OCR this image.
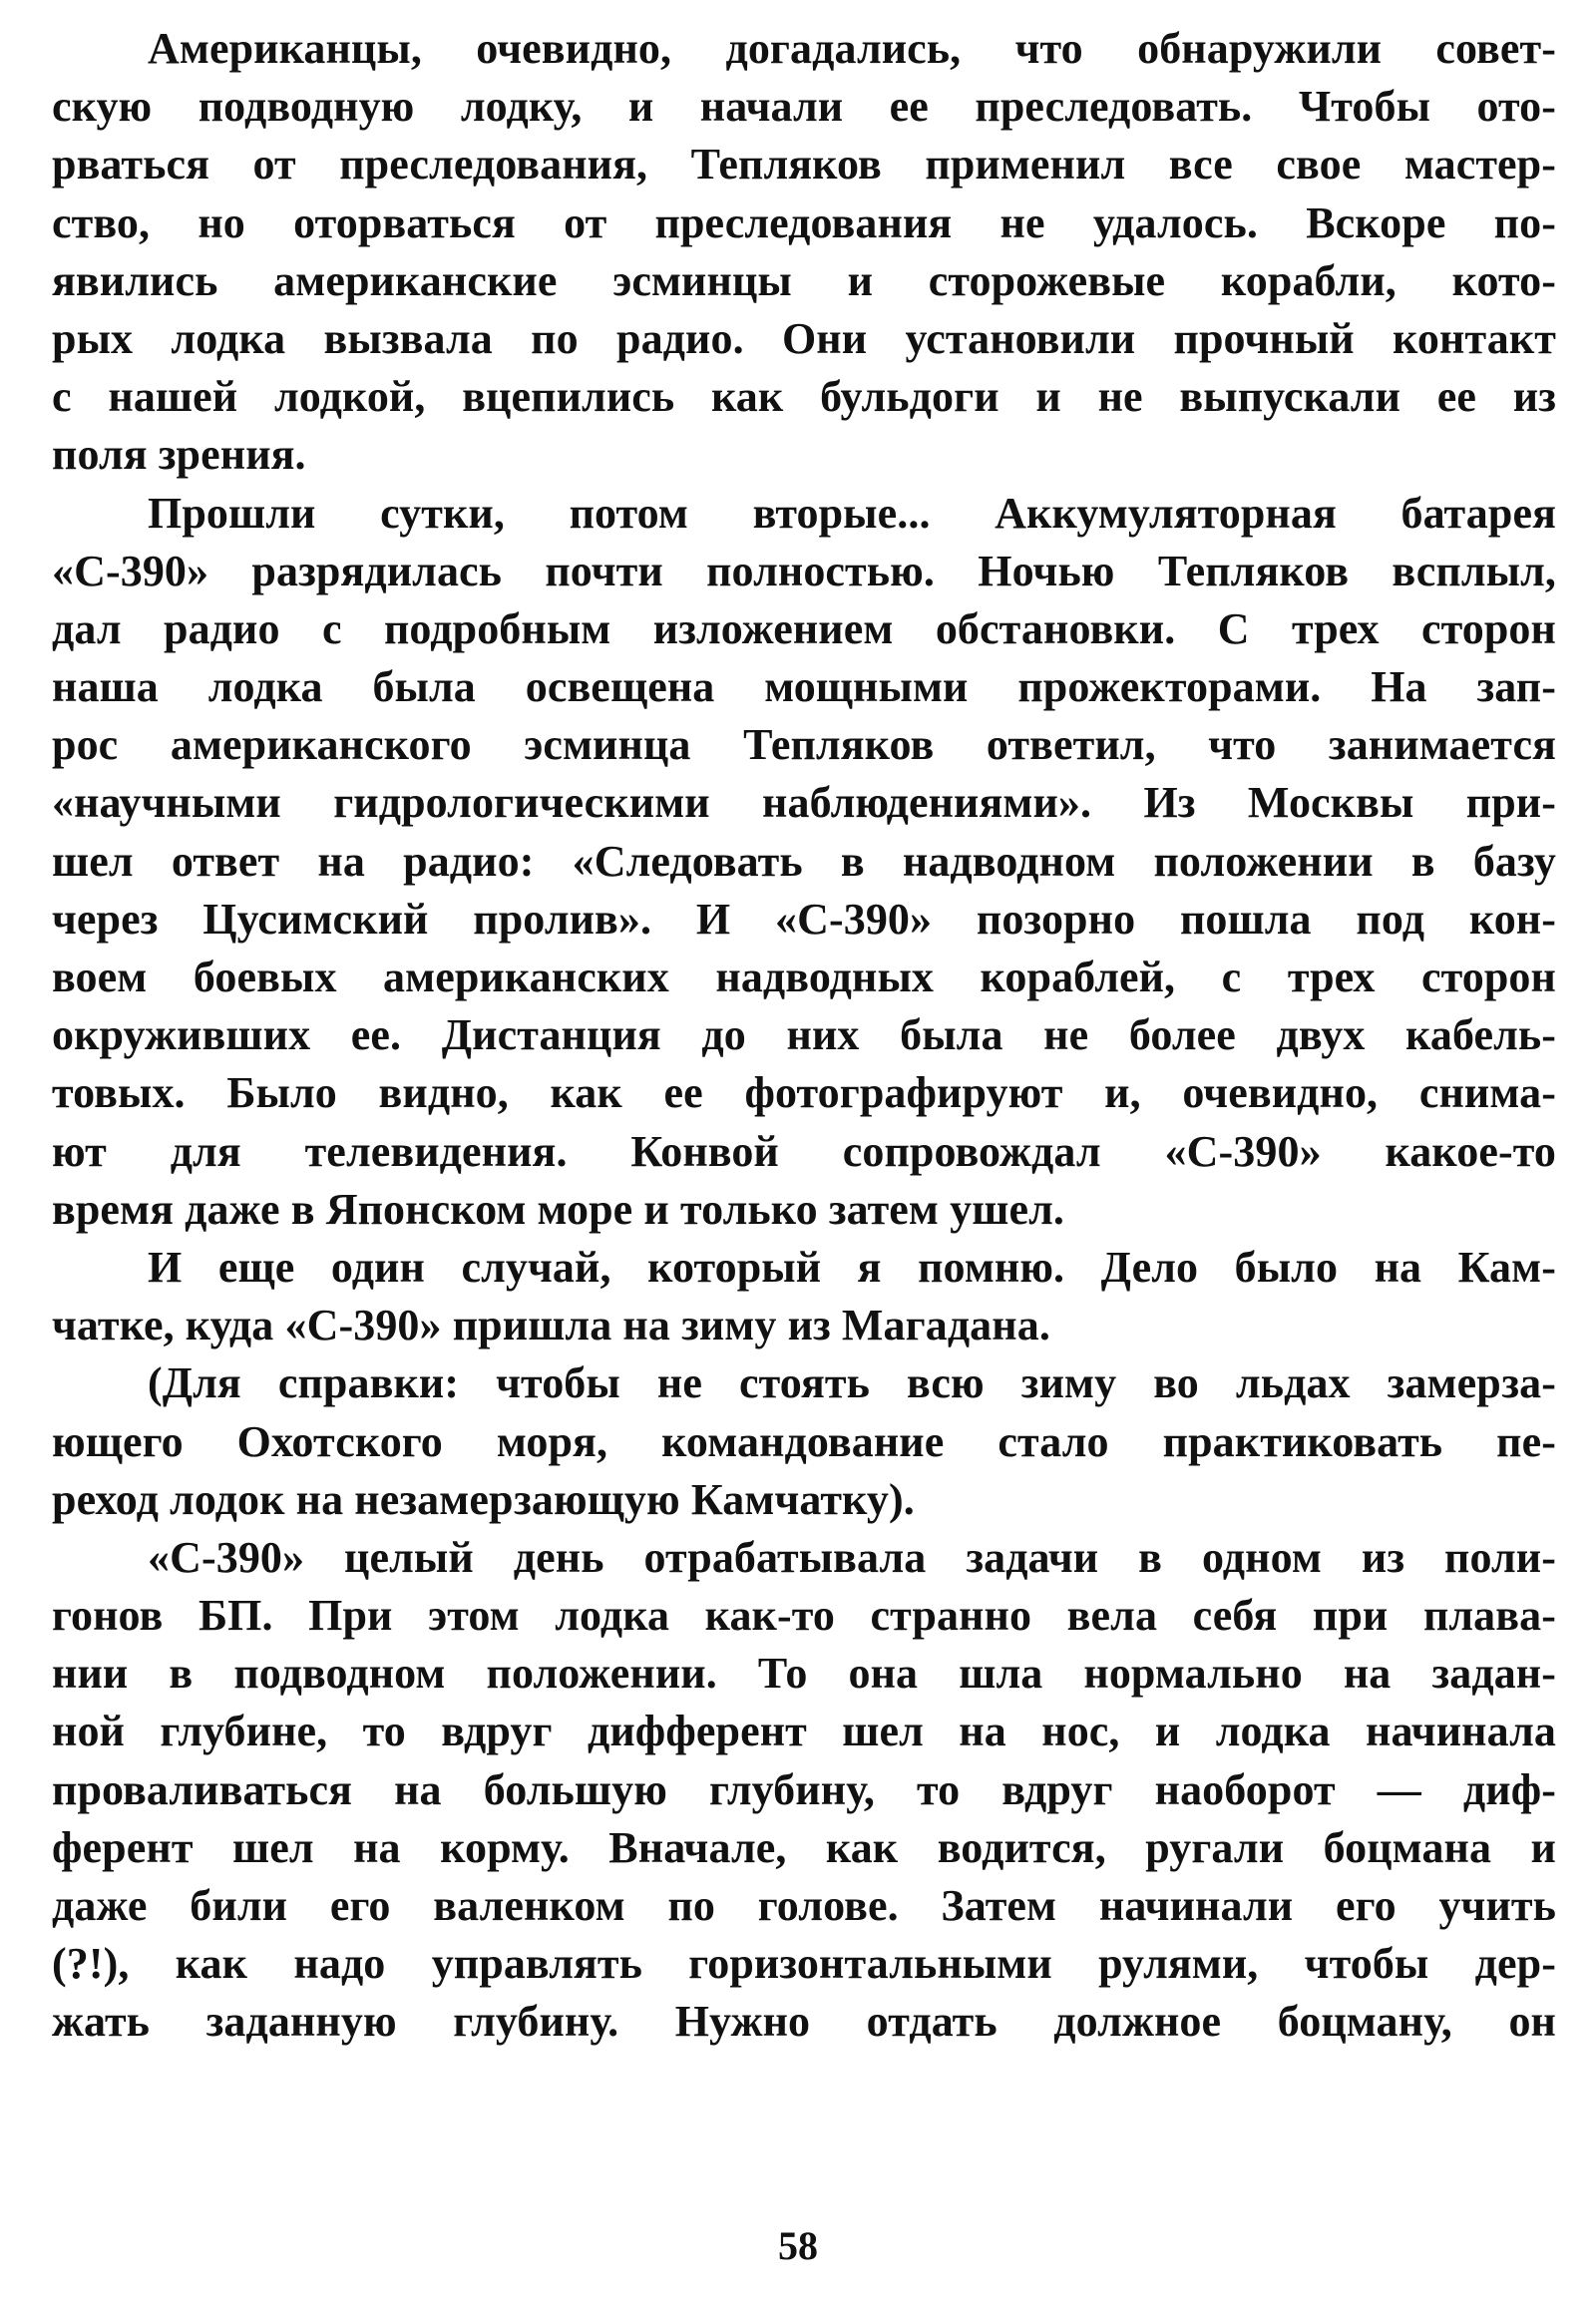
Американцы, очевидно, догадались, что обнаружили совет-
скую подводную лодку, и начали ее преследовать. Чтобы ото-
рваться от преследования, Тепляков применил все свое мастер-
ство, но оторваться от преследования не удалось. Вскоре по-
явились американские эсминцы и сторожевые корабли, кото-
рых лодка вызвала по радио. Они установили прочный контакт
с нашей лодкой, вцепились как бульдоги и не выпускали ее из
поля зрения.
Прошли сутки, потом вторые... Аккумуляторная батарея
«С-390» разрядилась почти полностью. Ночью Тепляков всплыл,
дал радио с подробным изложением обстановки. С трех сторон
наша лодка была освещена мощными прожекторами. На зап-
рос американского эсминца Тепляков ответил, что занимается
«научными гидрологическими наблюдениями». Из Москвы при-
шел ответ на радио: «Следовать в надводном положении в базу
через Цусимский пролив». И «С-390» позорно пошла под кон-
воем боевых американских надводных кораблей, с трех сторон
окруживших ее. Дистанция до них была не более двух кабель-
товых. Было видно, как ее фотографируют и, очевидно, снима-
ют для телевидения. Конвой сопровождал «С-390» какое-то
время даже в Японском море и только затем ушел.
И еще один случай, который я помню. Дело было на Кам-
чатке, куда «С-390» пришла на зиму из Магадана.
(Для справки: чтобы не стоять всю зиму во льдах замерза-
ющего Охотского моря, командование стало практиковать пе-
реход лодок на незамерзающую Камчатку).
«С-390» целый день отрабатывала задачи в одном из поли-
гонов БП. При этом лодка как-то странно вела себя при плава-
нии в подводном положении. То она шла нормально на задан-
ной глубине, то вдруг дифферент шел на нос, и лодка начинала
проваливаться на большую глубину, то вдруг наоборот — диф-
ферент шел на корму. Вначале, как водится, ругали боцмана и
даже били его валенком по голове. Затем начинали его учить
(?!), как надо управлять горизонтальными рулями, чтобы дер-
жать заданную глубину. Нужно отдать должное боцману, он
58
